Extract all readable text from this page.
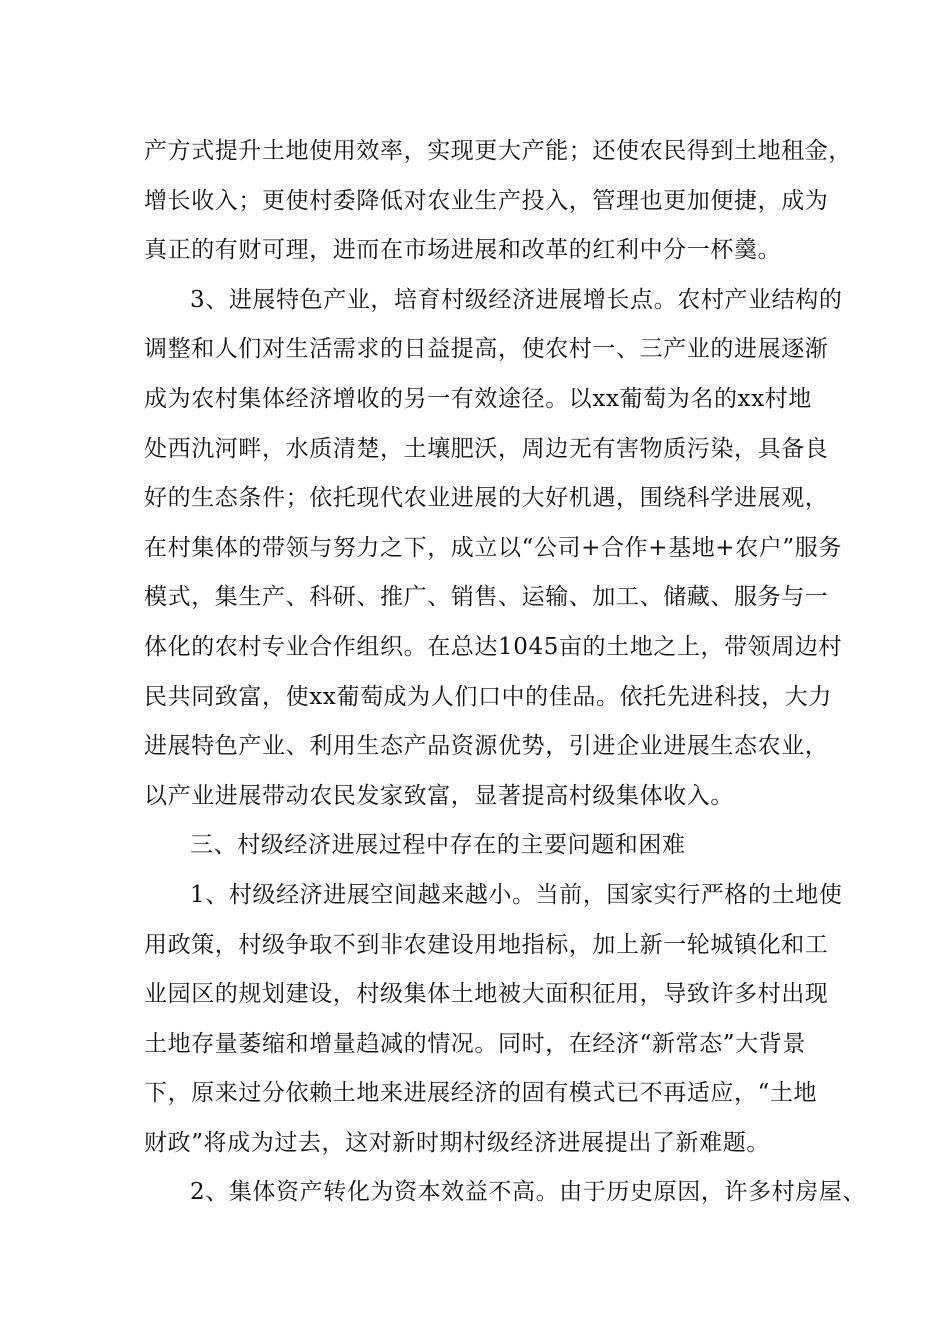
产方式提升土地使用效率，实现更大产能；还使农民得到土地租金，
增长收入；更使村委降低对农业生产投入，管理也更加便捷，成为
真正的有财可理，进而在市场进展和改革的红利中分一杯羹。
3、进展特色产业，培育村级经济进展增长点。农村产业结构的
调整和人们对生活需求的日益提高，使农村一、三产业的进展逐渐
成为农村集体经济增收的另一有效途径。以xx葡萄为名的xx村地
处西氿河畔，水质清楚，土壤肥沃，周边无有害物质污染，具备良
好的生态条件；依托现代农业进展的大好机遇，围绕科学进展观，
在村集体的带领与努力之下，成立以“公司+合作+基地+农户”服务
模式，集生产、科研、推广、销售、运输、加工、储藏、服务与一
体化的农村专业合作组织。在总达1045亩的土地之上，带领周边村
民共同致富，使xx葡萄成为人们口中的佳品。依托先进科技，大力
进展特色产业、利用生态产品资源优势，引进企业进展生态农业，
以产业进展带动农民发家致富，显著提高村级集体收入。
三、村级经济进展过程中存在的主要问题和困难
1、村级经济进展空间越来越小。当前，国家实行严格的土地使
用政策，村级争取不到非农建设用地指标，加上新一轮城镇化和工
业园区的规划建设，村级集体土地被大面积征用，导致许多村出现
土地存量萎缩和增量趋减的情况。同时，在经济“新常态”大背景
下，原来过分依赖土地来进展经济的固有模式已不再适应，“土地
财政”将成为过去，这对新时期村级经济进展提出了新难题。
2、集体资产转化为资本效益不高。由于历史原因，许多村房屋、
